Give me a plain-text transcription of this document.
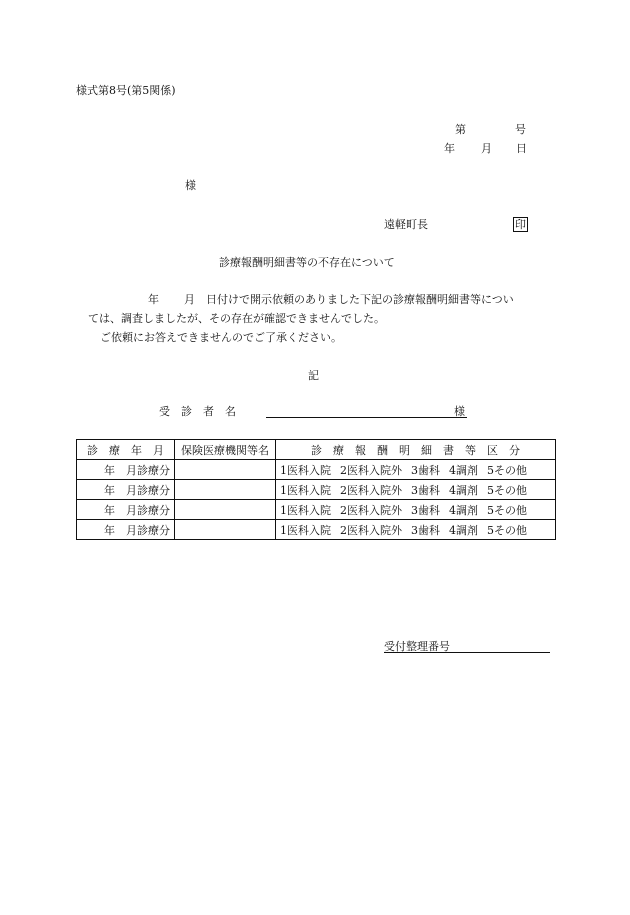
様式第8号(第5関係)
第	号
年 月 日
様
遠軽町長	印
診療報酬明細書等の不存在について
年 月 日付けで開示依頼のありました下記の診療報酬明細書等につい
ては、調査しましたが、その存在が確認できませんでした。
ご依頼にお答えできませんのでご了承ください。
記
受　診　者　名	様
診　療　年　月	保険医療機関等名	診　療　報　酬　明　細　書　等　区　分
年　月診療分		1医科入院 2医科入院外 3歯科 4調剤 5その他
年　月診療分		1医科入院 2医科入院外 3歯科 4調剤 5その他
年　月診療分		1医科入院 2医科入院外 3歯科 4調剤 5その他
年　月診療分		1医科入院 2医科入院外 3歯科 4調剤 5その他
受付整理番号
